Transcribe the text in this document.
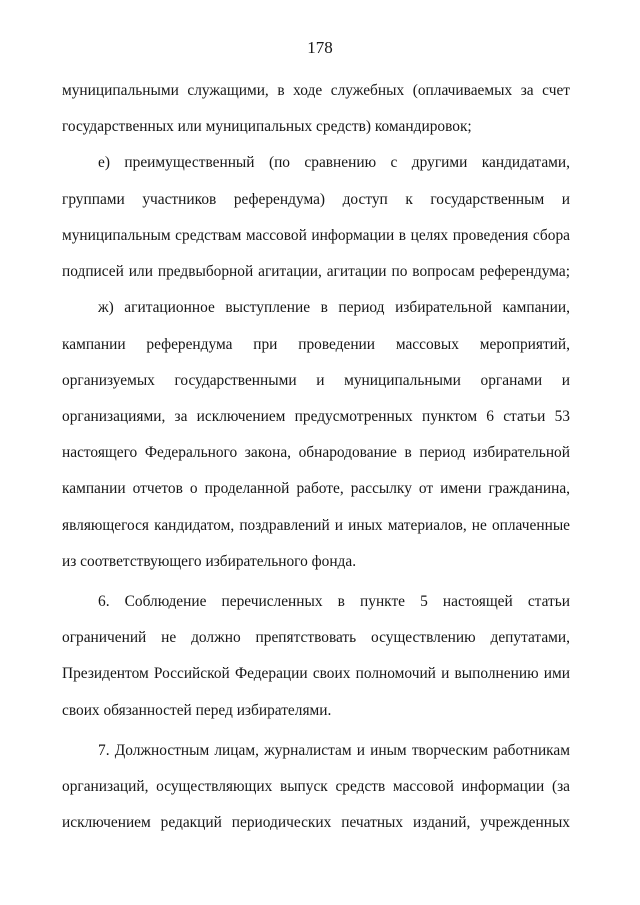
178
муниципальными служащими, в ходе служебных (оплачиваемых за счет
государственных или муниципальных средств) командировок;
е) преимущественный (по сравнению с другими кандидатами,
группами участников референдума) доступ к государственным и
муниципальным средствам массовой информации в целях проведения сбора
подписей или предвыборной агитации, агитации по вопросам референдума;
ж) агитационное выступление в период избирательной кампании,
кампании референдума при проведении массовых мероприятий,
организуемых государственными и муниципальными органами и
организациями, за исключением предусмотренных пунктом 6 статьи 53
настоящего Федерального закона, обнародование в период избирательной
кампании отчетов о проделанной работе, рассылку от имени гражданина,
являющегося кандидатом, поздравлений и иных материалов, не оплаченные
из соответствующего избирательного фонда.
6. Соблюдение перечисленных в пункте 5 настоящей статьи
ограничений не должно препятствовать осуществлению депутатами,
Президентом Российской Федерации своих полномочий и выполнению ими
своих обязанностей перед избирателями.
7. Должностным лицам, журналистам и иным творческим работникам
организаций, осуществляющих выпуск средств массовой информации (за
исключением редакций периодических печатных изданий, учрежденных
